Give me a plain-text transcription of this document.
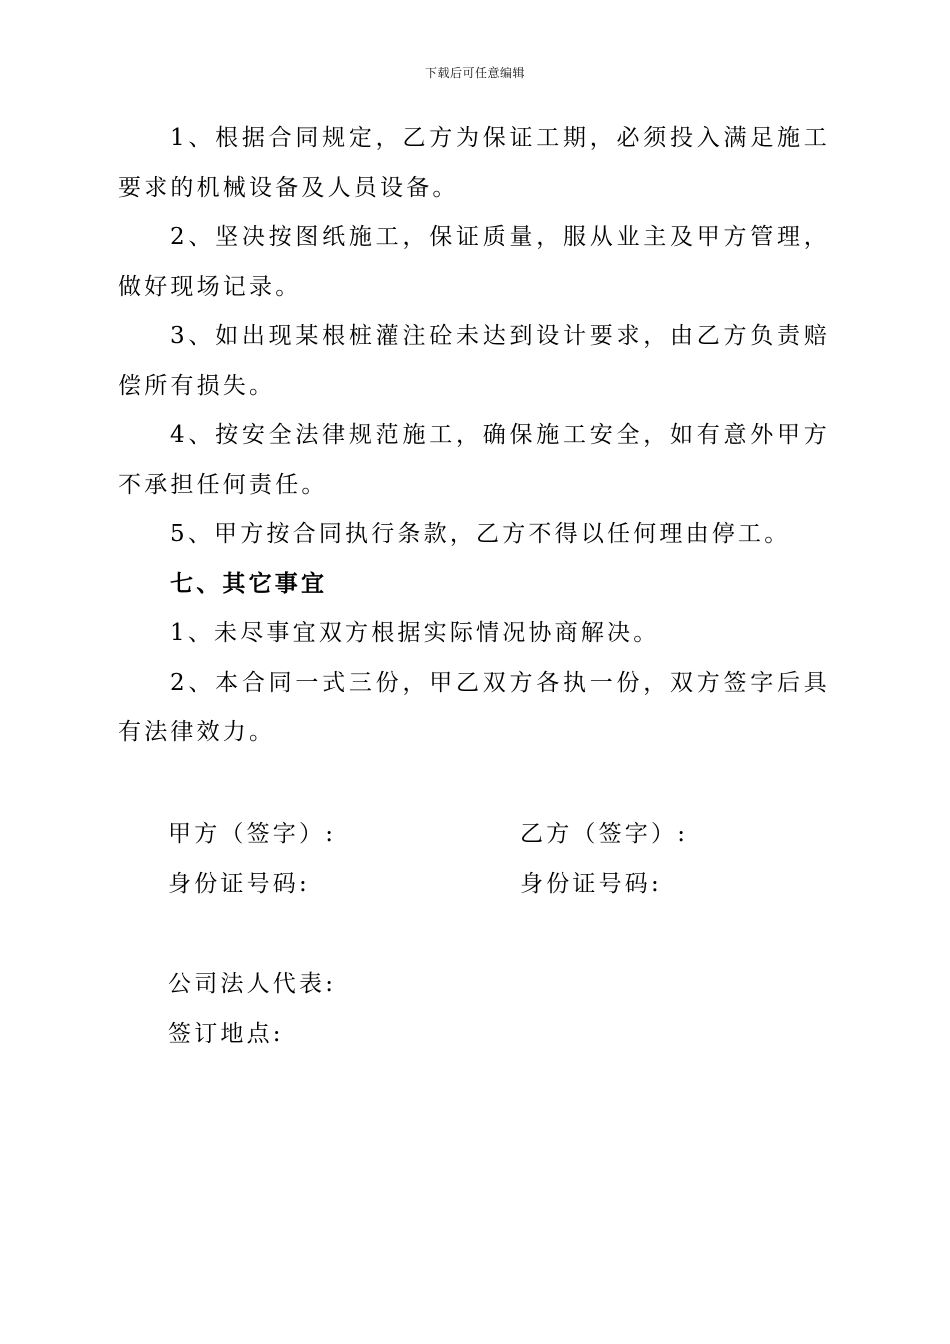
下载后可任意编辑

1、根据合同规定，乙方为保证工期，必须投入满足施工要求的机械设备及人员设备。

2、坚决按图纸施工，保证质量，服从业主及甲方管理，做好现场记录。

3、如出现某根桩灌注砼未达到设计要求，由乙方负责赔偿所有损失。

4、按安全法律规范施工，确保施工安全，如有意外甲方不承担任何责任。

5、甲方按合同执行条款，乙方不得以任何理由停工。

七、其它事宜

1、未尽事宜双方根据实际情况协商解决。

2、本合同一式三份，甲乙双方各执一份，双方签字后具有法律效力。

甲方（签字）:	乙方（签字）:
身份证号码:	身份证号码:
公司法人代表:
签订地点:
